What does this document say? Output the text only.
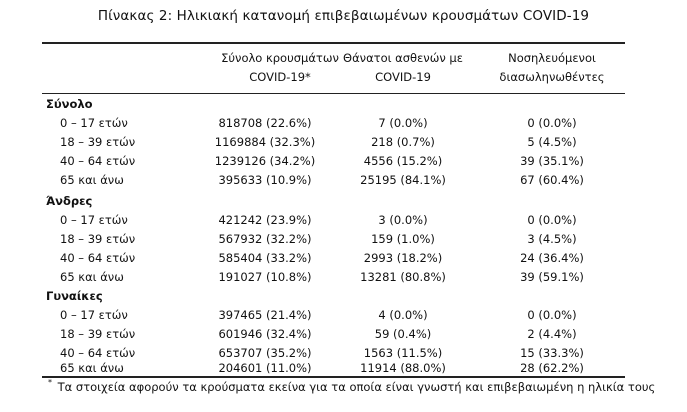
Πίνακας 2: Ηλικιακή κατανομή επιβεβαιωμένων κρουσμάτων COVID-19
Σύνολο κρουσμάτων
COVID-19*
Θάνατοι ασθενών με
COVID-19
Νοσηλευόμενοι
διασωληνωθέντες
Σύνολο
0 – 17 ετών	818708 (22.6%)	7 (0.0%)	0 (0.0%)
18 – 39 ετών	1169884 (32.3%)	218 (0.7%)	5 (4.5%)
40 – 64 ετών	1239126 (34.2%)	4556 (15.2%)	39 (35.1%)
65 και άνω	395633 (10.9%)	25195 (84.1%)	67 (60.4%)
Άνδρες
0 – 17 ετών	421242 (23.9%)	3 (0.0%)	0 (0.0%)
18 – 39 ετών	567932 (32.2%)	159 (1.0%)	3 (4.5%)
40 – 64 ετών	585404 (33.2%)	2993 (18.2%)	24 (36.4%)
65 και άνω	191027 (10.8%)	13281 (80.8%)	39 (59.1%)
Γυναίκες
0 – 17 ετών	397465 (21.4%)	4 (0.0%)	0 (0.0%)
18 – 39 ετών	601946 (32.4%)	59 (0.4%)	2 (4.4%)
40 – 64 ετών	653707 (35.2%)	1563 (11.5%)	15 (33.3%)
65 και άνω	204601 (11.0%)	11914 (88.0%)	28 (62.2%)
* Τα στοιχεία αφορούν τα κρούσματα εκείνα για τα οποία είναι γνωστή και επιβεβαιωμένη η ηλικία τους
